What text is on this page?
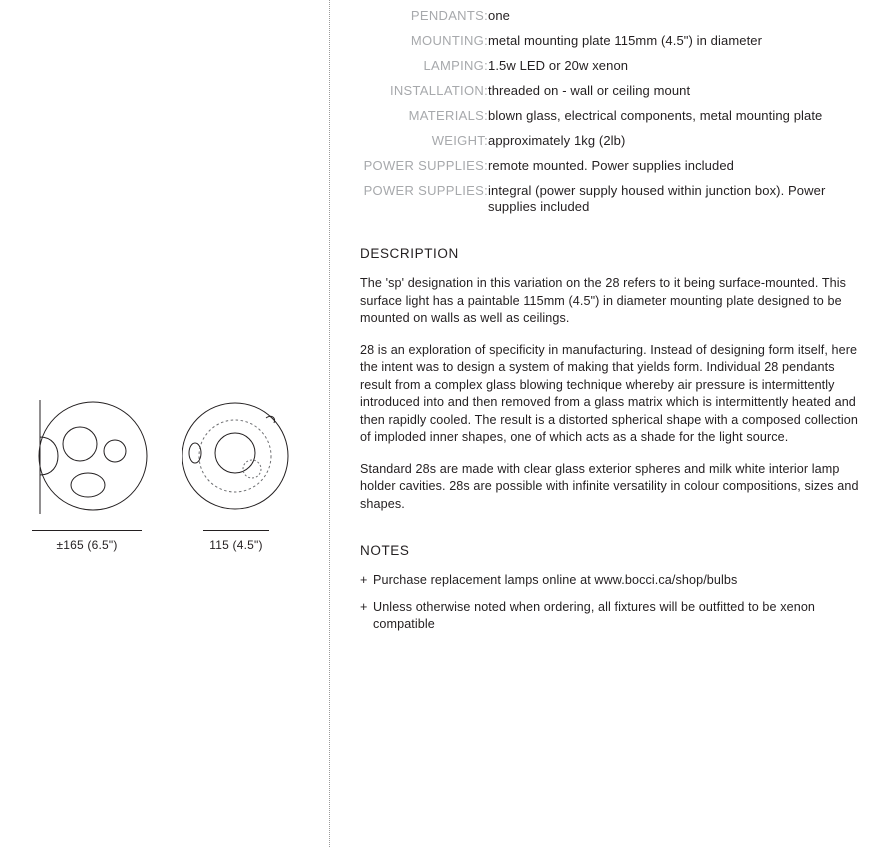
±165 (6.5")	115 (4.5")
PENDANTS:	one
MOUNTING:	metal mounting plate 115mm (4.5") in diameter
LAMPING:	1.5w LED or 20w xenon
INSTALLATION:	threaded on - wall or ceiling mount
MATERIALS:	blown glass, electrical components, metal mounting plate
WEIGHT:	approximately 1kg (2lb)
POWER SUPPLIES:	remote mounted. Power supplies included
POWER SUPPLIES:	integral (power supply housed within junction box). Power supplies included
DESCRIPTION

The 'sp' designation in this variation on the 28 refers to it being surface-mounted. This surface light has a paintable 115mm (4.5") in diameter mounting plate designed to be mounted on walls as well as ceilings.

28 is an exploration of specificity in manufacturing. Instead of designing form itself, here the intent was to design a system of making that yields form. Individual 28 pendants result from a complex glass blowing technique whereby air pressure is intermittently introduced into and then removed from a glass matrix which is intermittently heated and then rapidly cooled. The result is a distorted spherical shape with a composed collection of imploded inner shapes, one of which acts as a shade for the light source.

Standard 28s are made with clear glass exterior spheres and milk white interior lamp holder cavities. 28s are possible with infinite versatility in colour compositions, sizes and shapes.

NOTES
+ Purchase replacement lamps online at www.bocci.ca/shop/bulbs
+ Unless otherwise noted when ordering, all fixtures will be outfitted to be xenon compatible
